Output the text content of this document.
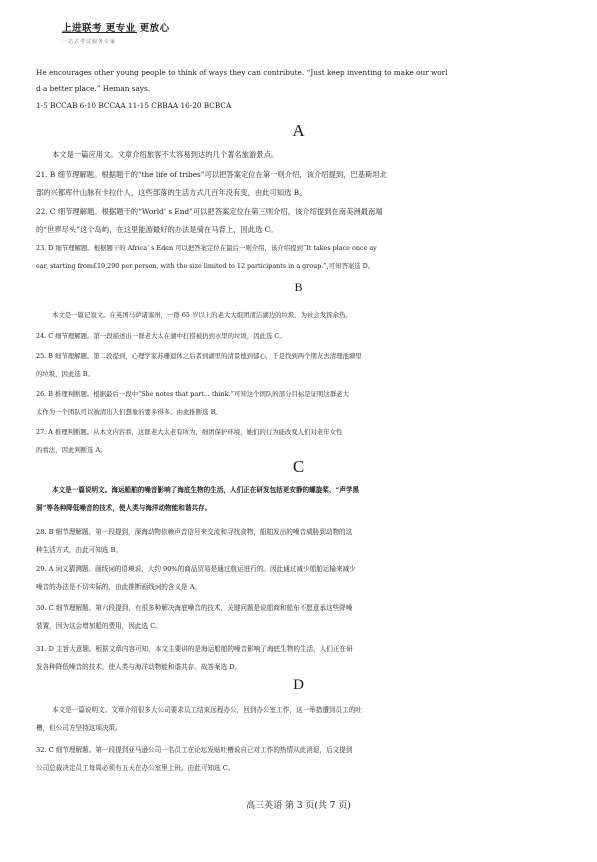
上进联考 更专业 更放心
一站式考试服务专家
He encourages other young people to think of ways they can contribute. “Just keep inventing to make our worl
d a better place.” Heman says.
1-5 BCCAB 6-10 BCCAA 11-15 CBBAA 16-20 BCBCA
A
本文是一篇应用文。文章介绍旅客不太容易到达的几个著名旅游景点。
21. B 细节理解题。根据题干的“the life of tribes”可以把答案定位在第一则介绍，该介绍提到，巴基斯坦北
部的兴都库什山脉有卡拉什人，这些部落的生活方式几百年没有变，由此可知选 B。
22. C 细节理解题。根据题干的“World’ s End”可以把答案定位在第三则介绍，该介绍提到在南美洲最南端
的“世界尽头”这个岛屿，在这里能游最好的办法是骑在马背上，因此选 C。
23. D 细节理解题。根据题干的 Africa’ s Eden 可以把答案定位在最后一则介绍，该介绍提到“It takes place once ay
ear, starting from£19,290 per person, with the size limited to 12 participants in a group.”,可知答案选 D。
B
本文是一篇记叙文。在英国马萨诸塞州，一群 65 岁以上的老大大组团清洁湖边的垃圾，为社会发挥余热。
24. C 细节理解题。第一段描述出一群老大太在湖中打捞被扔到水里的垃圾，因此选 C。
25. B 细节理解题。第二段提到，心理学家苏珊退休之后者到湖里的清景德到郁心，于是找到两个朋友去清理池塘里
的垃圾，因此选 B。
26. B 推理判断题。根据最后一段中“She notes that part... think.”可知这个团队的部分目标是证明这群老大
太作为一个团队可以被清出人们想象的要多得多。由此推断选 B。
27. A 推理判断题。从本文内容看，这群老大太老有所为，细团保护环境，她们的行为能改变人们对老年女性
的看法，因此判断选 A。
C
本文是一篇说明文。海运船舶的噪音影响了海底生物的生活，人们正在研发包括更安静的螺旋桨、“声学黑
洞”等各种降低噪音的技术，使人类与海洋动物能和谐共存。
28. B 细节理解题。第一段提到，深海动物依赖声音信号来交流和寻找食物，船舶发出的噪音威胁到动物的这
种生活方式，由此可知选 B。
29. A 词义猜测题。画线词的语境说，大约 90%的商品贸易是通过航运进行的。因此通过减少船舶运输来减少
噪音的办法是不切实际的，由此推断画线词的含义是 A。
30. C 细节理解题。第六段提到，有很多种解决海底噪音的技术，关键问题是说船商和船东不愿意承这些降噪
装置，因为这会增加船的费用，因此选 C。
31. D 主旨大意题。根据文章内容可知，本文主要讲的是海运船舶的噪音影响了海底生物的生活，人们正在研
发各种降低噪音的技术，使人类与海洋动物能和谐共存。故答案选 D。
D
本文是一篇说明文。文章介绍很多大公司要求员工结束远程办公，回到办公室工作，这一举措遭到员工的吐
槽，但公司方坚持这项决策。
32. C 细节理解题。第一段提到亚马逊公司一名员工在论坛发贴吐槽说自己对工作的热情从此消退，后文提到
公司总裁决定员工每周必须有五天在办公室里上班。由此可知选 C。
高三英语 第 3 页(共 7 页)
